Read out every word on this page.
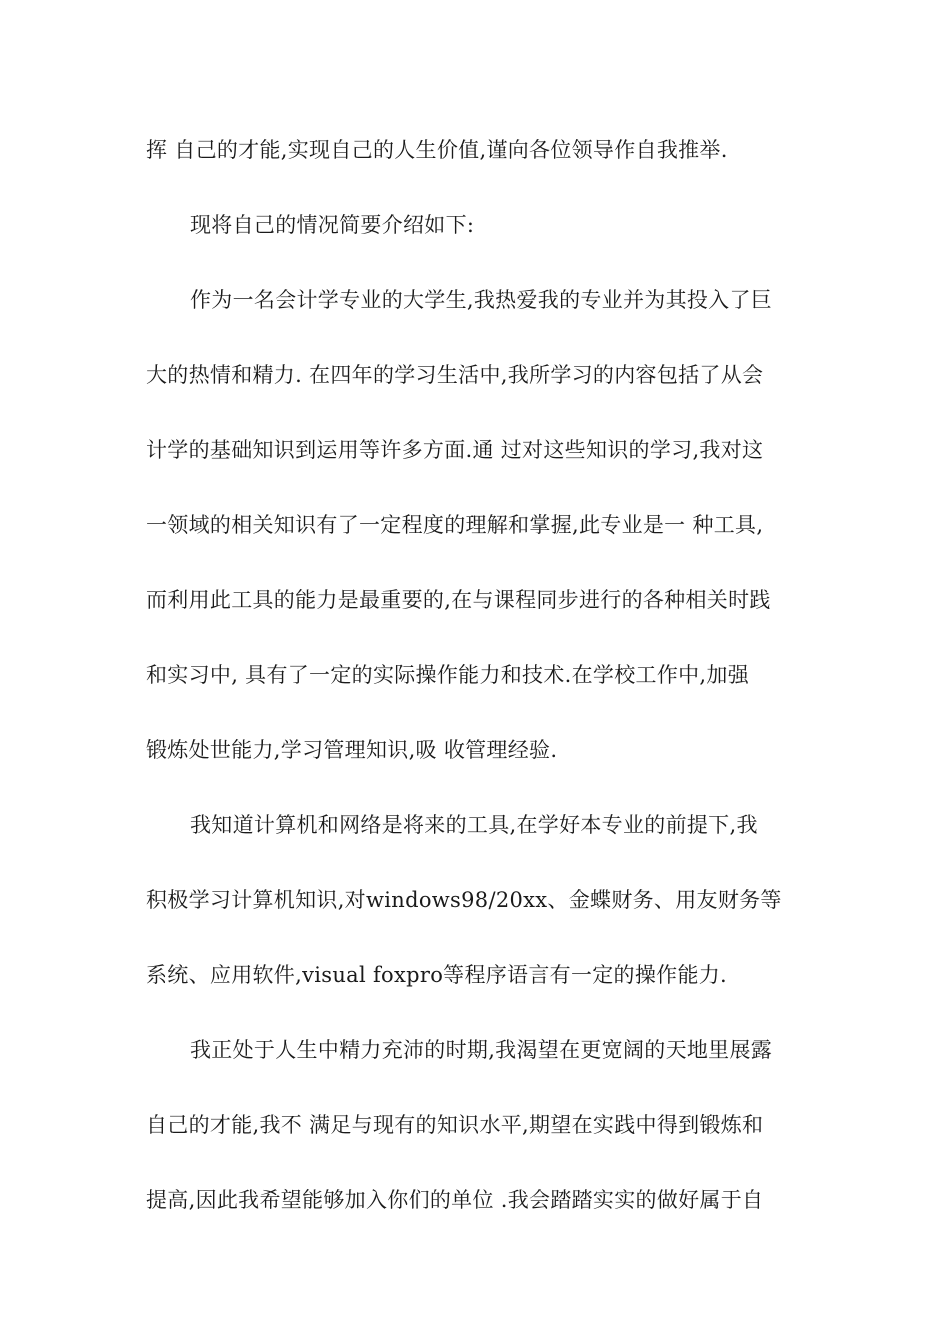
挥 自己的才能,实现自己的人生价值,谨向各位领导作自我推举.
现将自己的情况简要介绍如下:
作为一名会计学专业的大学生,我热爱我的专业并为其投入了巨
大的热情和精力. 在四年的学习生活中,我所学习的内容包括了从会
计学的基础知识到运用等许多方面.通 过对这些知识的学习,我对这
一领域的相关知识有了一定程度的理解和掌握,此专业是一 种工具,
而利用此工具的能力是最重要的,在与课程同步进行的各种相关时践
和实习中, 具有了一定的实际操作能力和技术.在学校工作中,加强
锻炼处世能力,学习管理知识,吸 收管理经验.
我知道计算机和网络是将来的工具,在学好本专业的前提下,我
积极学习计算机知识,对windows98/20xx、金蝶财务、用友财务等
系统、应用软件,visual foxpro等程序语言有一定的操作能力.
我正处于人生中精力充沛的时期,我渴望在更宽阔的天地里展露
自己的才能,我不 满足与现有的知识水平,期望在实践中得到锻炼和
提高,因此我希望能够加入你们的单位 .我会踏踏实实的做好属于自
